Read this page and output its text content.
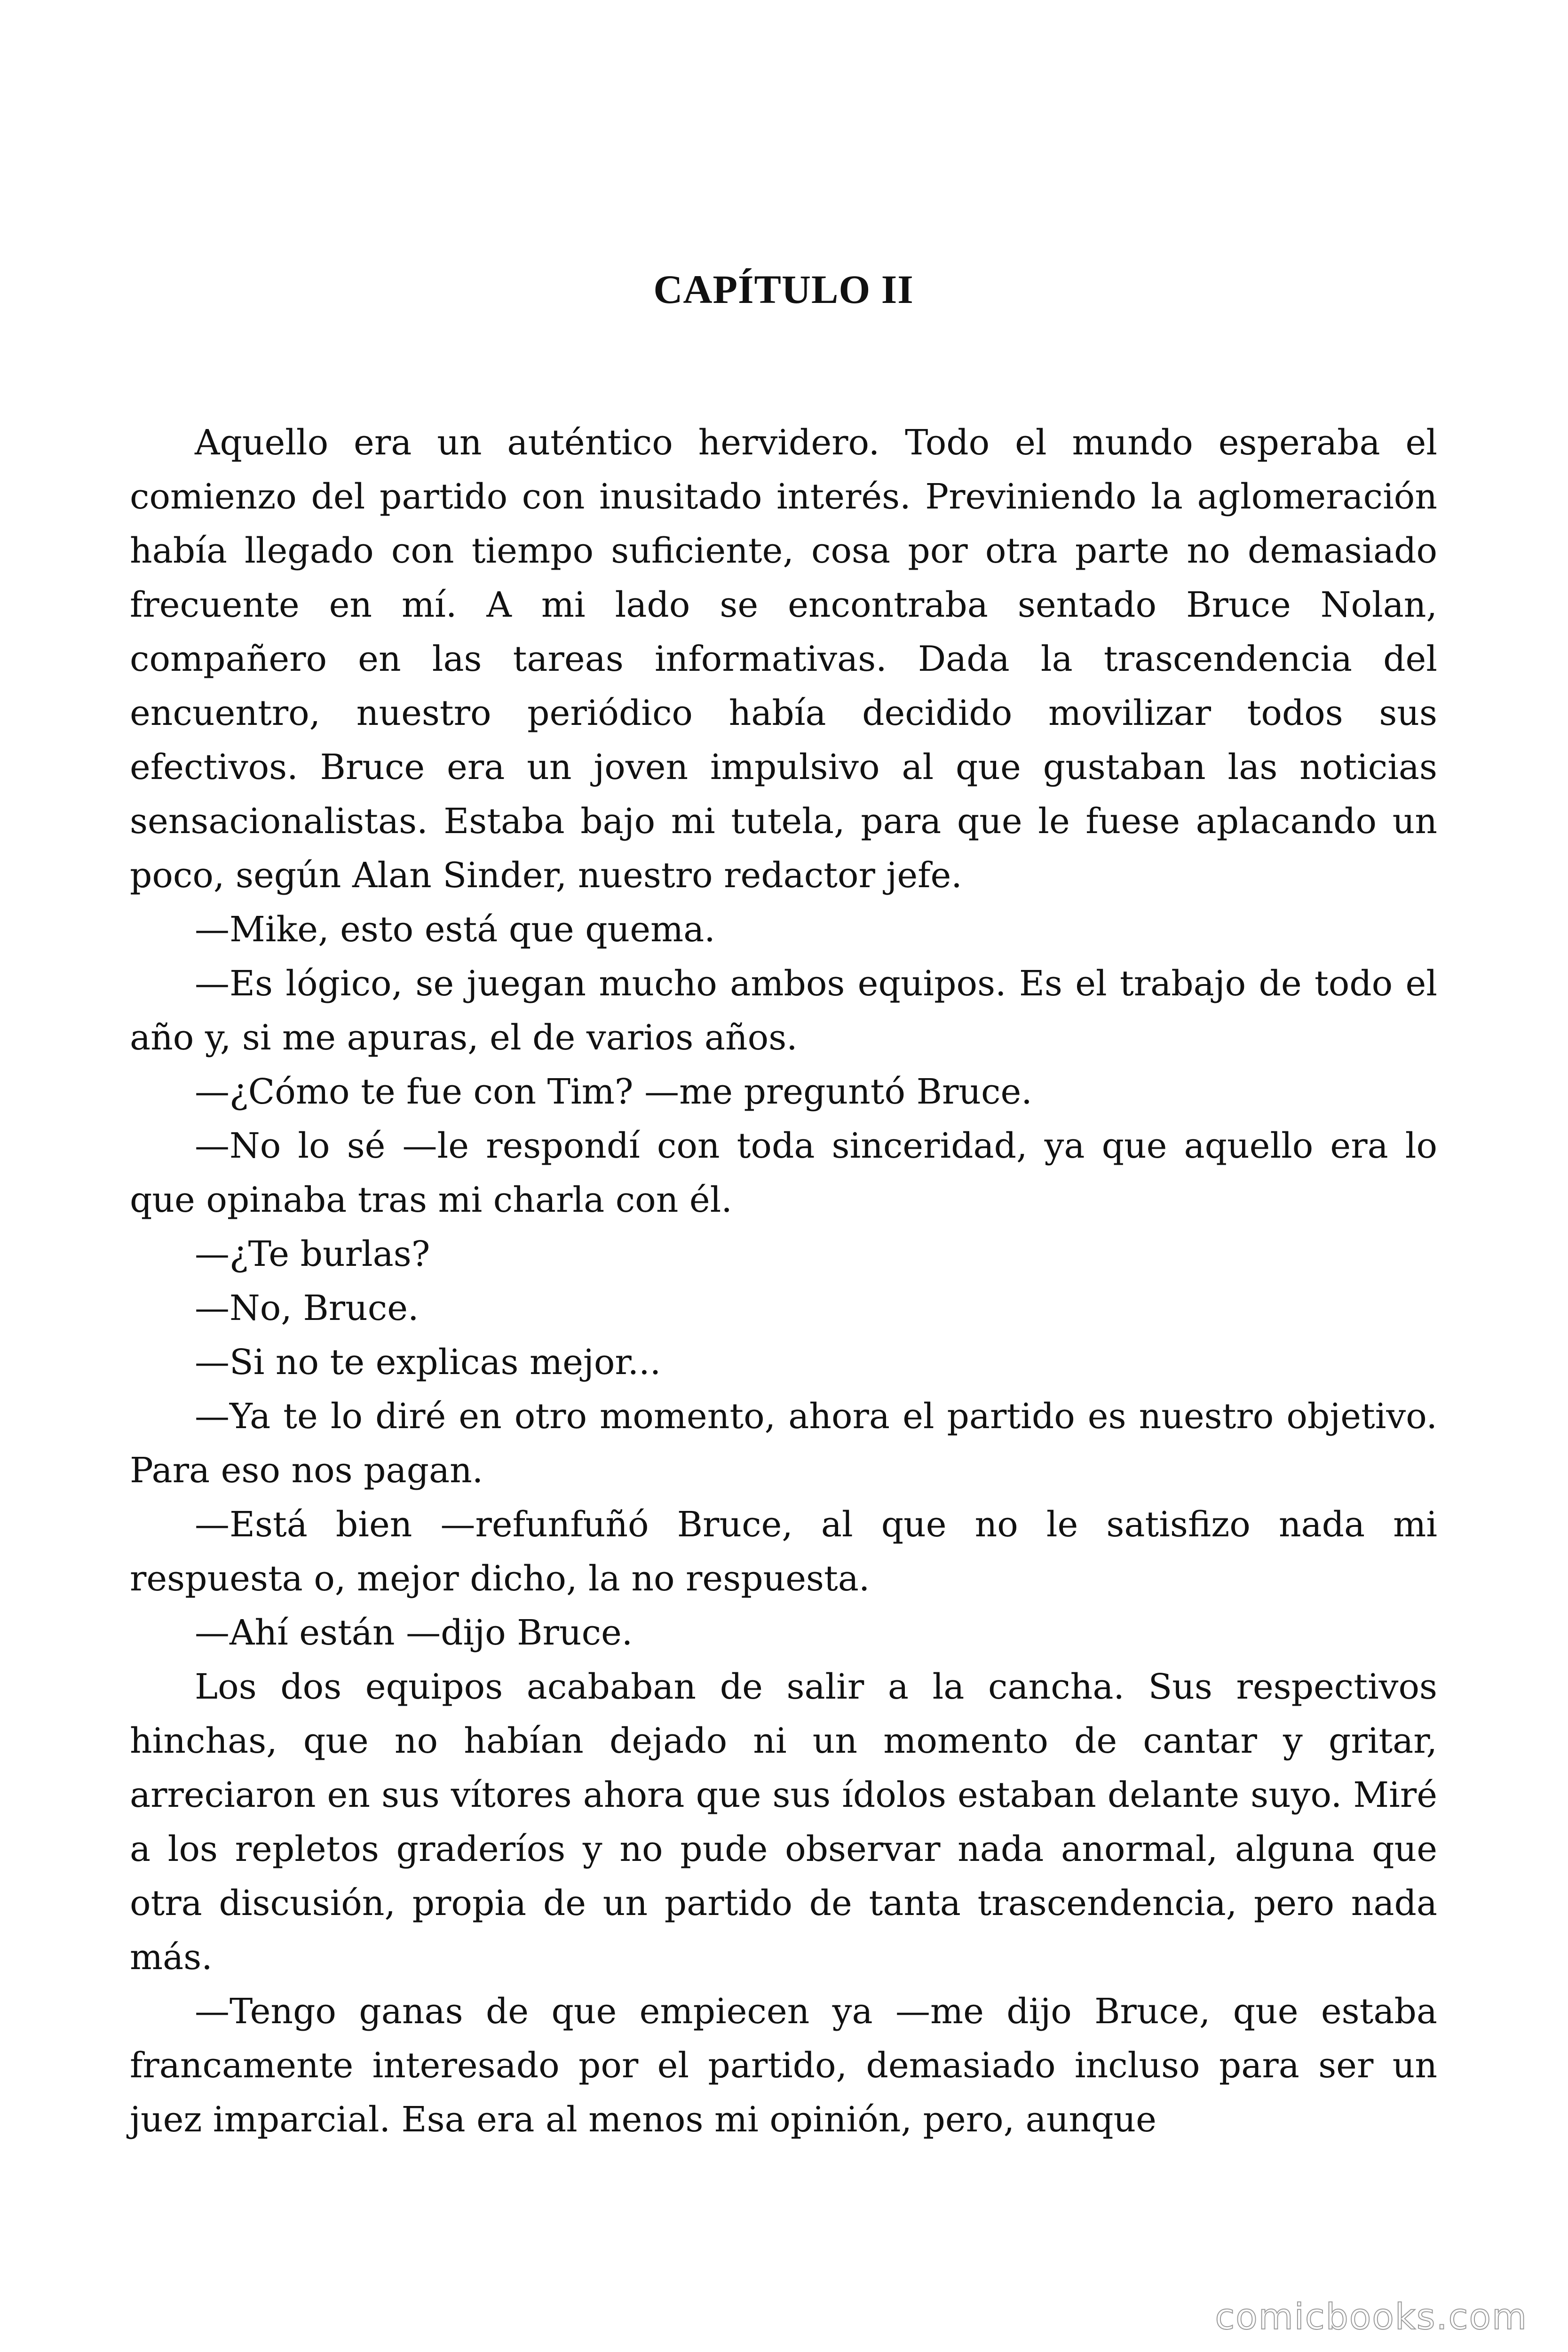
CAPÍTULO II

Aquello era un auténtico hervidero. Todo el mundo esperaba el comienzo del partido con inusitado interés. Previniendo la aglomeración había llegado con tiempo suficiente, cosa por otra parte no demasiado frecuente en mí. A mi lado se encontraba sentado Bruce Nolan, compañero en las tareas informativas. Dada la trascendencia del encuentro, nuestro periódico había decidido movilizar todos sus efectivos. Bruce era un joven impulsivo al que gustaban las noticias sensacionalistas. Estaba bajo mi tutela, para que le fuese aplacando un poco, según Alan Sinder, nuestro redactor jefe.

—Mike, esto está que quema.

—Es lógico, se juegan mucho ambos equipos. Es el trabajo de todo el año y, si me apuras, el de varios años.

—¿Cómo te fue con Tim? —me preguntó Bruce.

—No lo sé —le respondí con toda sinceridad, ya que aquello era lo que opinaba tras mi charla con él.

—¿Te burlas?

—No, Bruce.

—Si no te explicas mejor...

—Ya te lo diré en otro momento, ahora el partido es nuestro objetivo. Para eso nos pagan.

—Está bien —refunfuñó Bruce, al que no le satisfizo nada mi respuesta o, mejor dicho, la no respuesta.

—Ahí están —dijo Bruce.

Los dos equipos acababan de salir a la cancha. Sus respectivos hinchas, que no habían dejado ni un momento de cantar y gritar, arreciaron en sus vítores ahora que sus ídolos estaban delante suyo. Miré a los repletos graderíos y no pude observar nada anormal, alguna que otra discusión, propia de un partido de tanta trascendencia, pero nada más.

—Tengo ganas de que empiecen ya —me dijo Bruce, que estaba francamente interesado por el partido, demasiado incluso para ser un juez imparcial. Esa era al menos mi opinión, pero, aunque

comicbooks.com
